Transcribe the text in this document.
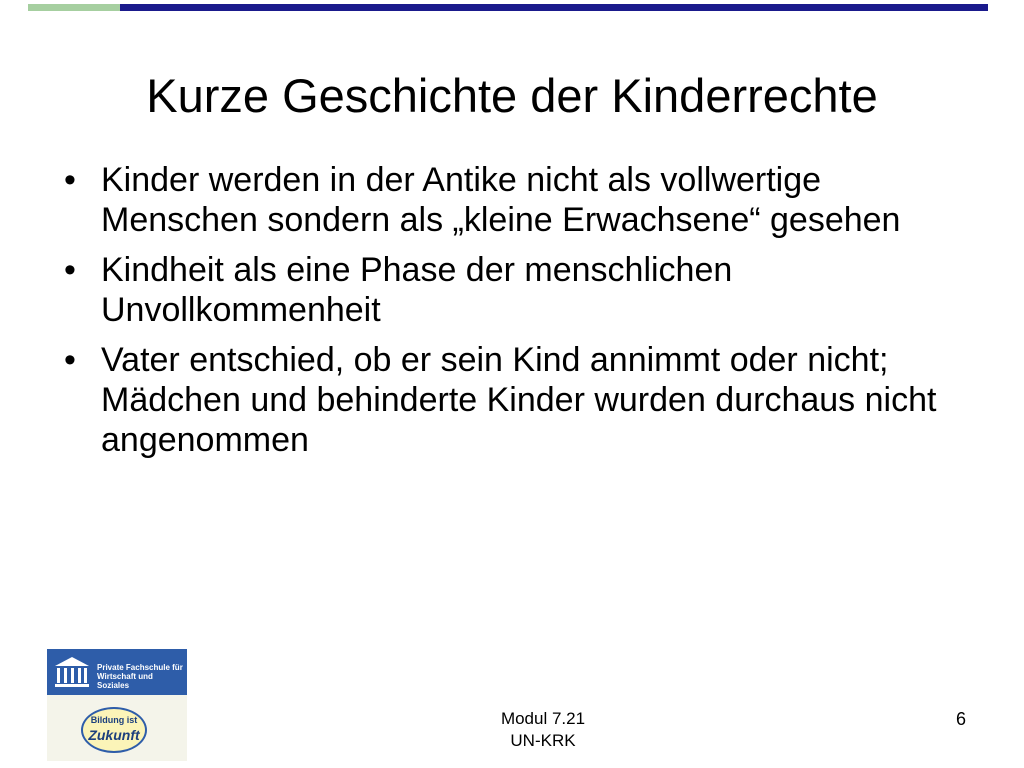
Kurze Geschichte der Kinderrechte
• Kinder werden in der Antike nicht als vollwertige Menschen sondern als „kleine Erwachsene“ gesehen
• Kindheit als eine Phase der menschlichen Unvollkommenheit
• Vater entschied, ob er sein Kind annimmt oder nicht; Mädchen und behinderte Kinder wurden durchaus nicht angenommen
Private Fachschule für
Wirtschaft und Soziales
Bildung ist
Zukunft
Modul 7.21
UN-KRK
6
